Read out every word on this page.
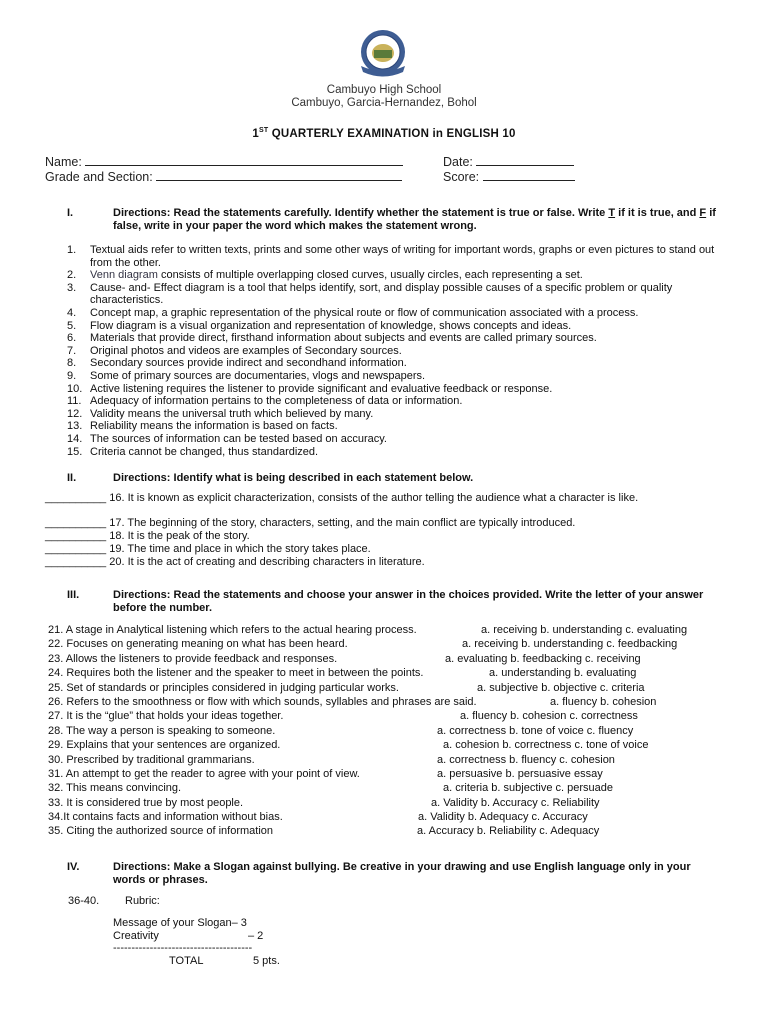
Cambuyo High School
Cambuyo, Garcia-Hernandez, Bohol
1ST QUARTERLY EXAMINATION in ENGLISH 10
Name:	Date:
Grade and Section:	Score:
I.	Directions: Read the statements carefully. Identify whether the statement is true or false. Write T if it is true, and F if false, write in your paper the word which makes the statement wrong.
1.	Textual aids refer to written texts, prints and some other ways of writing for important words, graphs or even pictures to stand out from the other.
2.	Venn diagram consists of multiple overlapping closed curves, usually circles, each representing a set.
3.	Cause- and- Effect diagram is a tool that helps identify, sort, and display possible causes of a specific problem or quality characteristics.
4.	Concept map, a graphic representation of the physical route or flow of communication associated with a process.
5.	Flow diagram is a visual organization and representation of knowledge, shows concepts and ideas.
6.	Materials that provide direct, firsthand information about subjects and events are called primary sources.
7.	Original photos and videos are examples of Secondary sources.
8.	Secondary sources provide indirect and secondhand information.
9.	Some of primary sources are documentaries, vlogs and newspapers.
10. Active listening requires the listener to provide significant and evaluative feedback or response.
11. Adequacy of information pertains to the completeness of data or information.
12. Validity means the universal truth which believed by many.
13. Reliability means the information is based on facts.
14. The sources of information can be tested based on accuracy.
15. Criteria cannot be changed, thus standardized.
II.	Directions: Identify what is being described in each statement below.
__________ 16. It is known as explicit characterization, consists of the author telling the audience what a character is like.
__________ 17. The beginning of the story, characters, setting, and the main conflict are typically introduced.
__________ 18. It is the peak of the story.
__________ 19. The time and place in which the story takes place.
__________ 20. It is the act of creating and describing characters in literature.
III.	Directions: Read the statements and choose your answer in the choices provided. Write the letter of your answer before the number.
21. A stage in Analytical listening which refers to the actual hearing process.	a. receiving b. understanding c. evaluating
22. Focuses on generating meaning on what has been heard.	a. receiving b. understanding c. feedbacking
23. Allows the listeners to provide feedback and responses.	a. evaluating b. feedbacking c. receiving
24. Requires both the listener and the speaker to meet in between the points.	a. understanding b. evaluating
25. Set of standards or principles considered in judging particular works.	a. subjective b. objective c. criteria
26. Refers to the smoothness or flow with which sounds, syllables and phrases are said.	a. fluency b. cohesion
27. It is the “glue” that holds your ideas together.	a. fluency b. cohesion c. correctness
28. The way a person is speaking to someone.	a. correctness b. tone of voice c. fluency
29. Explains that your sentences are organized.	a. cohesion b. correctness c. tone of voice
30. Prescribed by traditional grammarians.	a. correctness b. fluency c. cohesion
31. An attempt to get the reader to agree with your point of view.	a. persuasive b. persuasive essay
32. This means convincing.	a. criteria b. subjective c. persuade
33. It is considered true by most people.	a. Validity b. Accuracy c. Reliability
34.It contains facts and information without bias.	a. Validity b. Adequacy c. Accuracy
35. Citing the authorized source of information	a. Accuracy b. Reliability c. Adequacy
IV.	Directions: Make a Slogan against bullying. Be creative in your drawing and use English language only in your words or phrases.
36-40. Rubric:
Message of your Slogan– 3
Creativity	– 2
--------------------------------------
TOTAL	5 pts.
